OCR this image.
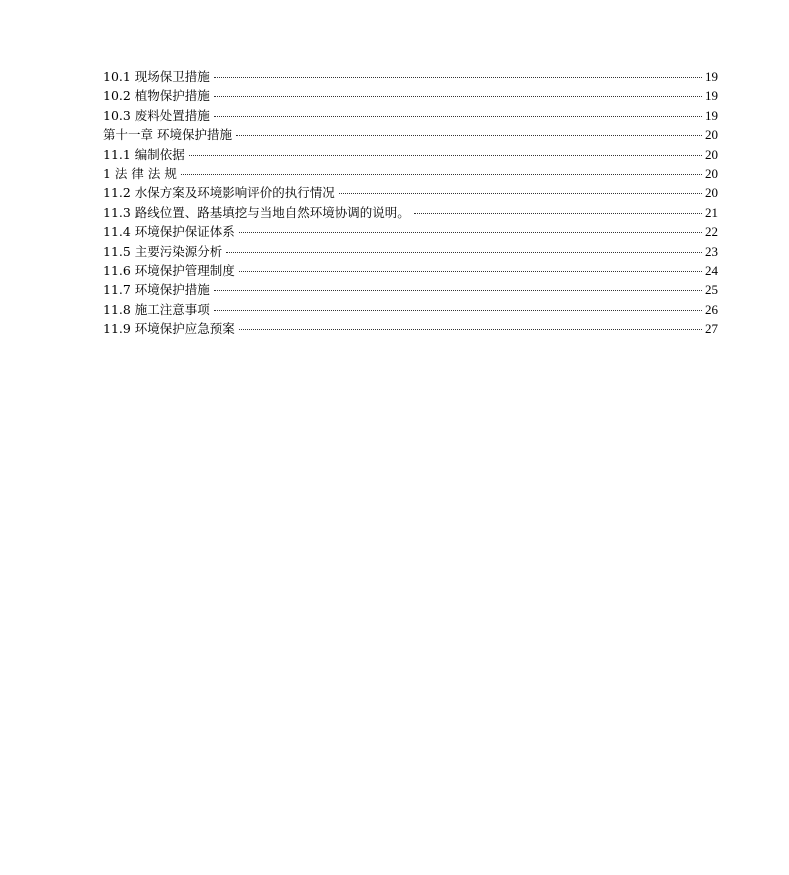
10.1 现场保卫措施	19
10.2 植物保护措施	19
10.3 废料处置措施	19
第十一章 环境保护措施	20
11.1 编制依据	20
1 法 律 法 规	20
11.2 水保方案及环境影响评价的执行情况	20
11.3 路线位置、路基填挖与当地自然环境协调的说明。	21
11.4 环境保护保证体系	22
11.5 主要污染源分析	23
11.6 环境保护管理制度	24
11.7 环境保护措施	25
11.8 施工注意事项	26
11.9 环境保护应急预案	27
